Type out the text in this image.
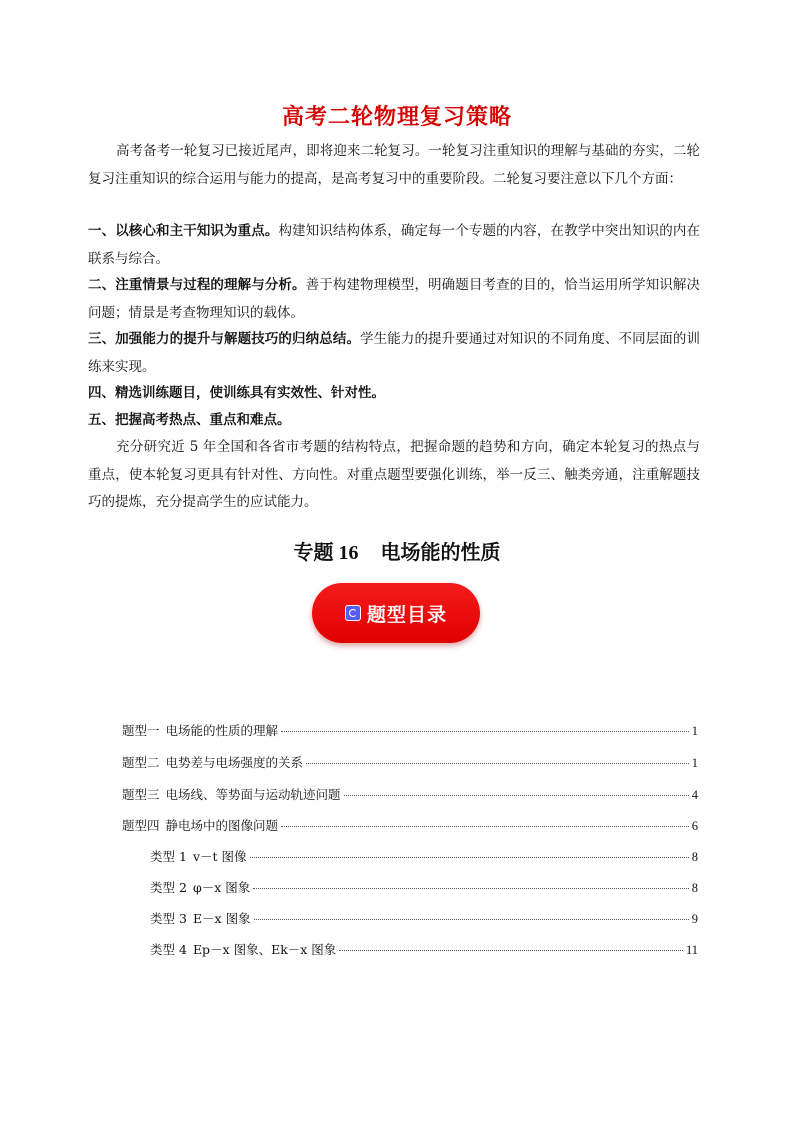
高考二轮物理复习策略

高考备考一轮复习已接近尾声，即将迎来二轮复习。一轮复习注重知识的理解与基础的夯实，二轮复习注重知识的综合运用与能力的提高，是高考复习中的重要阶段。二轮复习要注意以下几个方面：

一、以核心和主干知识为重点。构建知识结构体系，确定每一个专题的内容，在教学中突出知识的内在联系与综合。

二、注重情景与过程的理解与分析。善于构建物理模型，明确题目考查的目的，恰当运用所学知识解决问题；情景是考查物理知识的载体。

三、加强能力的提升与解题技巧的归纳总结。学生能力的提升要通过对知识的不同角度、不同层面的训练来实现。

四、精选训练题目，使训练具有实效性、针对性。

五、把握高考热点、重点和难点。

充分研究近 5 年全国和各省市考题的结构特点，把握命题的趋势和方向，确定本轮复习的热点与重点，使本轮复习更具有针对性、方向性。对重点题型要强化训练，举一反三、触类旁通，注重解题技巧的提炼，充分提高学生的应试能力。

专题 16 电场能的性质
题型目录
题型一 电场能的性质的理解	1
题型二 电势差与电场强度的关系	1
题型三 电场线、等势面与运动轨迹问题	4
题型四 静电场中的图像问题	6
类型 1 v－t 图像	8
类型 2 φ－x 图象	8
类型 3 E－x 图象	9
类型 4 Ep－x 图象、Ek－x 图象	11
